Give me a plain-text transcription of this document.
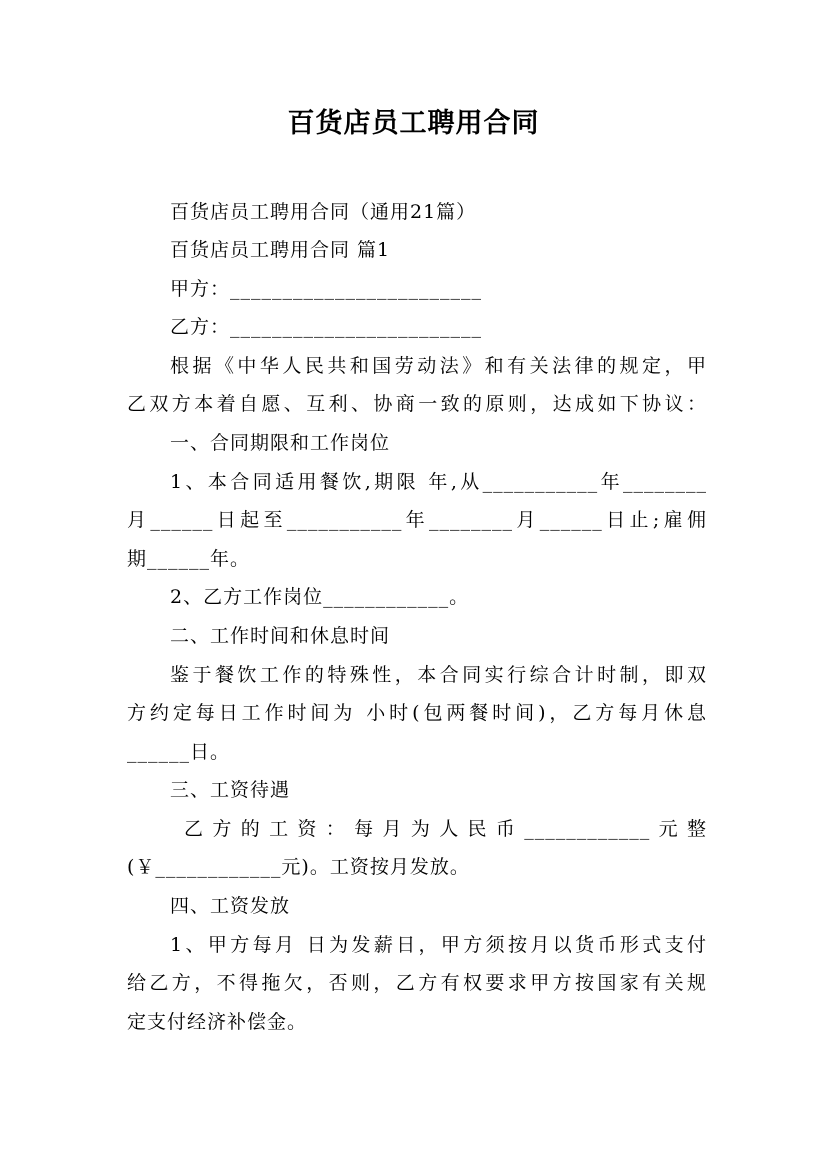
百货店员工聘用合同
百货店员工聘用合同（通用21篇）
百货店员工聘用合同 篇1
甲方：________________________
乙方：________________________
根据《中华人民共和国劳动法》和有关法律的规定，甲
乙双方本着自愿、互利、协商一致的原则，达成如下协议：
一、合同期限和工作岗位
1、本合同适用餐饮,期限 年,从___________年________
月______日起至___________年________月______日止;雇佣
期______年。
2、乙方工作岗位____________。
二、工作时间和休息时间
鉴于餐饮工作的特殊性，本合同实行综合计时制，即双
方约定每日工作时间为 小时(包两餐时间)，乙方每月休息
______日。
三、工资待遇
乙方的工资：每月为人民币____________元整
(￥____________元)。工资按月发放。
四、工资发放
1、甲方每月 日为发薪日，甲方须按月以货币形式支付
给乙方，不得拖欠，否则，乙方有权要求甲方按国家有关规
定支付经济补偿金。
